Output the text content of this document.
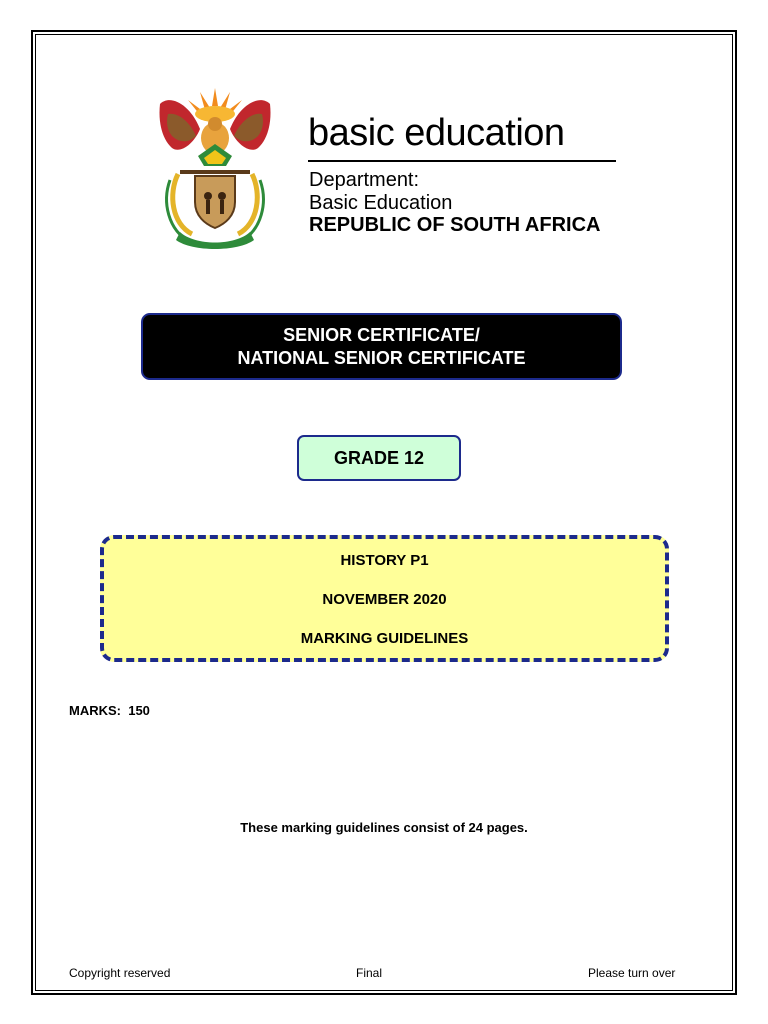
basic education
Department:
Basic Education
REPUBLIC OF SOUTH AFRICA
SENIOR CERTIFICATE/
NATIONAL SENIOR CERTIFICATE
GRADE 12
HISTORY P1
NOVEMBER 2020
MARKING GUIDELINES
MARKS:  150
These marking guidelines consist of 24 pages.
Copyright reserved	Final	Please turn over
